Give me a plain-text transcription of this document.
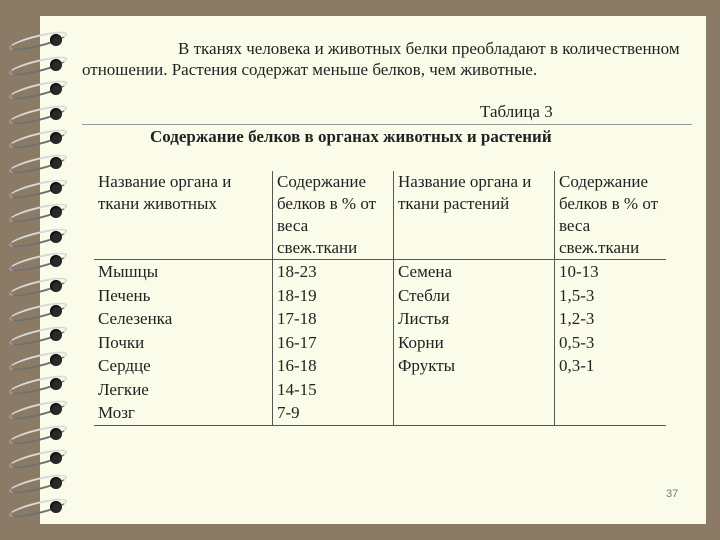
В тканях человека и животных белки преобладают в количественном отношении. Растения содержат меньше белков, чем животные.

Таблица 3
Содержание белков в органах животных и растений
Название органа и ткани животных	Содержание белков в % от веса свеж.ткани	Название органа и ткани растений	Содержание белков в % от веса свеж.ткани
Мышцы	18-23	Семена	10-13
Печень	18-19	Стебли	1,5-3
Селезенка	17-18	Листья	1,2-3
Почки	16-17	Корни	0,5-3
Сердце	16-18	Фрукты	0,3-1
Легкие	14-15		
Мозг	7-9		
37
